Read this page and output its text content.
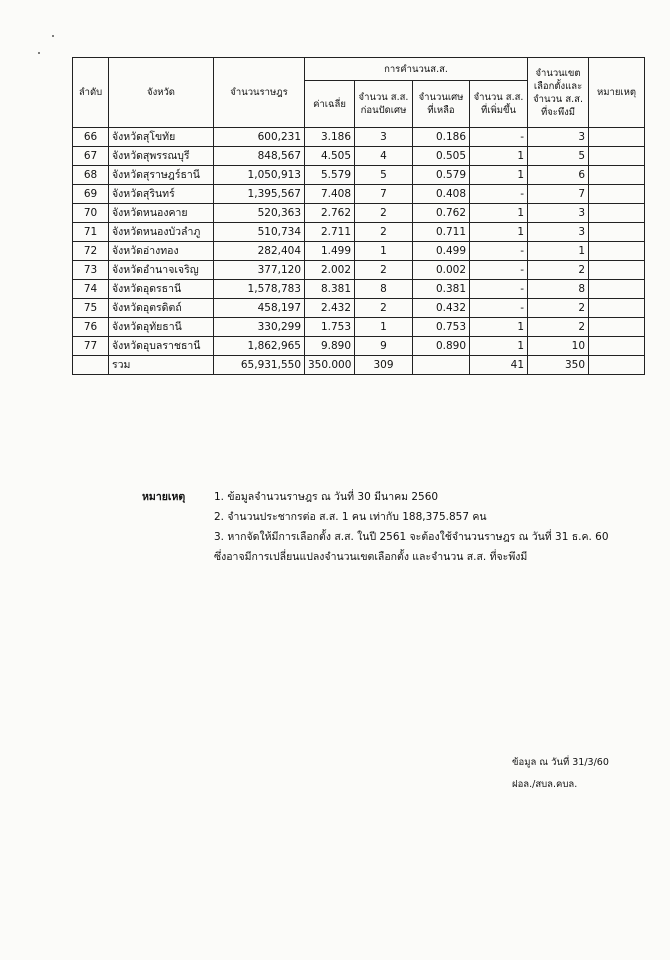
ลำดับ	จังหวัด	จำนวนราษฎร	การคำนวนส.ส.				จำนวนเขตเลือกตั้งและจำนวน ส.ส. ที่จะพึงมี	หมายเหตุ
			ค่าเฉลี่ย	จำนวน ส.ส. ก่อนปัดเศษ	จำนวนเศษที่เหลือ	จำนวน ส.ส. ที่เพิ่มขึ้น		
66	จังหวัดสุโขทัย	600,231	3.186	3	0.186	-	3	
67	จังหวัดสุพรรณบุรี	848,567	4.505	4	0.505	1	5	
68	จังหวัดสุราษฎร์ธานี	1,050,913	5.579	5	0.579	1	6	
69	จังหวัดสุรินทร์	1,395,567	7.408	7	0.408	-	7	
70	จังหวัดหนองคาย	520,363	2.762	2	0.762	1	3	
71	จังหวัดหนองบัวลำภู	510,734	2.711	2	0.711	1	3	
72	จังหวัดอ่างทอง	282,404	1.499	1	0.499	-	1	
73	จังหวัดอำนาจเจริญ	377,120	2.002	2	0.002	-	2	
74	จังหวัดอุดรธานี	1,578,783	8.381	8	0.381	-	8	
75	จังหวัดอุตรดิตถ์	458,197	2.432	2	0.432	-	2	
76	จังหวัดอุทัยธานี	330,299	1.753	1	0.753	1	2	
77	จังหวัดอุบลราชธานี	1,862,965	9.890	9	0.890	1	10	
	รวม	65,931,550	350.000	309		41	350	
หมายเหตุ	1. ข้อมูลจำนวนราษฎร ณ วันที่ 30 มีนาคม 2560
2. จำนวนประชากรต่อ ส.ส. 1 คน เท่ากับ 188,375.857 คน
3. หากจัดให้มีการเลือกตั้ง ส.ส. ในปี 2561 จะต้องใช้จำนวนราษฎร ณ วันที่ 31 ธ.ค. 60
ซึ่งอาจมีการเปลี่ยนแปลงจำนวนเขตเลือกตั้ง และจำนวน ส.ส. ที่จะพึงมี
ข้อมูล ณ วันที่ 31/3/60
ฝอล./สบล.คบล.
